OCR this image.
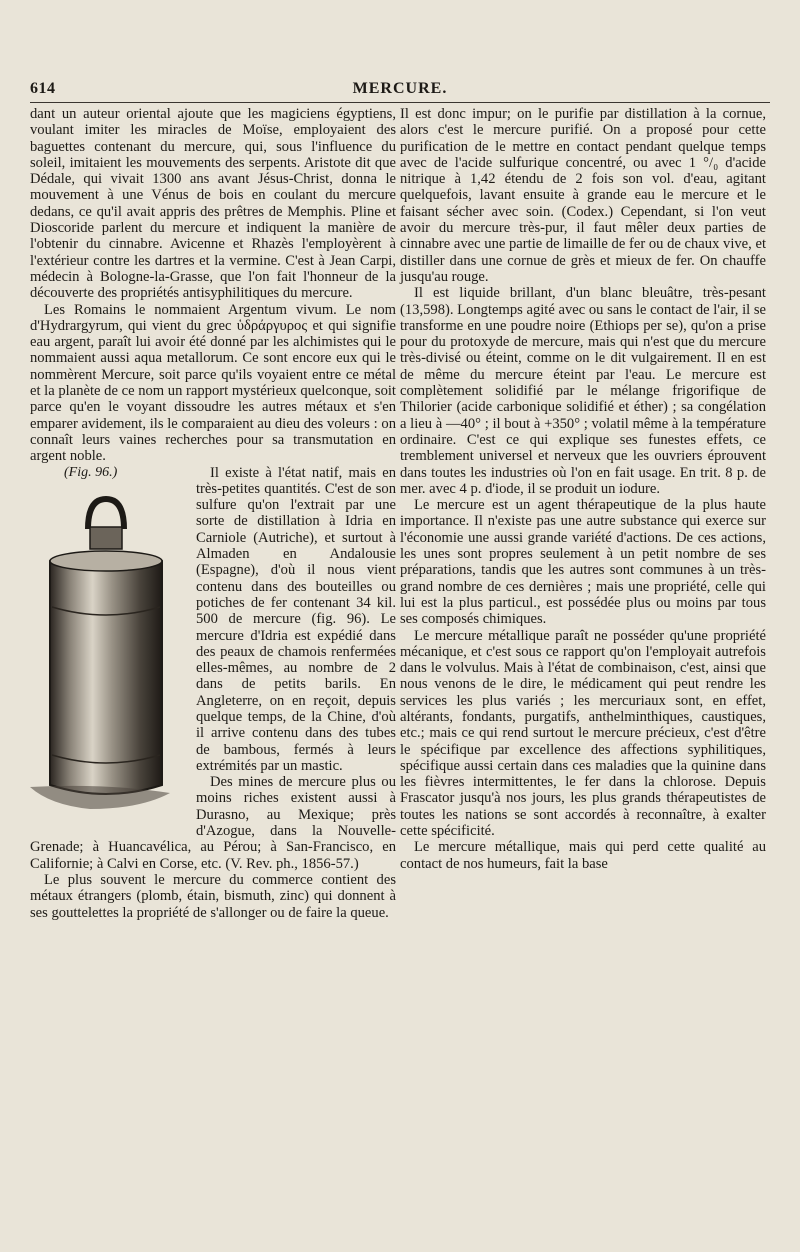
614	MERCURE.

dant un auteur oriental ajoute que les magiciens égyptiens, voulant imiter les miracles de Moïse, employaient des baguettes contenant du mercure, qui, sous l'influence du soleil, imitaient les mouvements des serpents. Aristote dit que Dédale, qui vivait 1300 ans avant Jésus-Christ, donna le mouvement à une Vénus de bois en coulant du mercure dedans, ce qu'il avait appris des prêtres de Memphis. Pline et Dioscoride parlent du mercure et indiquent la manière de l'obtenir du cinnabre. Avicenne et Rhazès l'employèrent à l'extérieur contre les dartres et la vermine. C'est à Jean Carpi, médecin à Bologne-la-Grasse, que l'on fait l'honneur de la découverte des propriétés antisyphilitiques du mercure.

Les Romains le nommaient Argentum vivum. Le nom d'Hydrargyrum, qui vient du grec ὑδράργυρος et qui signifie eau argent, paraît lui avoir été donné par les alchimistes qui le nommaient aussi aqua metallorum. Ce sont encore eux qui le nommèrent Mercure, soit parce qu'ils voyaient entre ce métal et la planète de ce nom un rapport mystérieux quelconque, soit parce qu'en le voyant dissoudre les autres métaux et s'en emparer avidement, ils le comparaient au dieu des voleurs : on connaît leurs vaines recherches pour sa transmutation en argent noble.

(Fig. 96.)	Il existe à l'état natif, mais en très-petites quantités. C'est de son sulfure qu'on l'extrait par une sorte de distillation à Idria en Carniole (Autriche), et surtout à Almaden en Andalousie (Espagne), d'où il nous vient contenu dans des bouteilles ou potiches de fer contenant 34 kil. 500 de mercure (fig. 96). Le mercure d'Idria est expédié dans des peaux de chamois renfermées elles-mêmes, au nombre de 2 dans de petits barils. En Angleterre, on en reçoit, depuis quelque temps, de la Chine, d'où il arrive contenu dans des tubes de bambous, fermés à leurs extrémités par un mastic.

Des mines de mercure plus ou moins riches existent aussi à Durasno, au Mexique; près d'Azogue, dans la Nouvelle-Grenade; à Huancavélica, au Pérou; à San-Francisco, en Californie; à Calvi en Corse, etc. (V. Rev. ph., 1856-57.)

Le plus souvent le mercure du commerce contient des métaux étrangers (plomb, étain, bismuth, zinc) qui donnent à ses gouttelettes la propriété de s'allonger ou de faire la queue.

Il est donc impur; on le purifie par distillation à la cornue, alors c'est le mercure purifié. On a proposé pour cette purification de le mettre en contact pendant quelque temps avec de l'acide sulfurique concentré, ou avec 1 °/₀ d'acide nitrique à 1,42 étendu de 2 fois son vol. d'eau, agitant quelquefois, lavant ensuite à grande eau le mercure et le faisant sécher avec soin. (Codex.) Cependant, si l'on veut avoir du mercure très-pur, il faut mêler deux parties de cinnabre avec une partie de limaille de fer ou de chaux vive, et distiller dans une cornue de grès et mieux de fer. On chauffe jusqu'au rouge.

Il est liquide brillant, d'un blanc bleuâtre, très-pesant (13,598). Longtemps agité avec ou sans le contact de l'air, il se transforme en une poudre noire (Ethiops per se), qu'on a prise pour du protoxyde de mercure, mais qui n'est que du mercure très-divisé ou éteint, comme on le dit vulgairement. Il en est de même du mercure éteint par l'eau. Le mercure est complètement solidifié par le mélange frigorifique de Thilorier (acide carbonique solidifié et éther) ; sa congélation a lieu à —40° ; il bout à +350° ; volatil même à la température ordinaire. C'est ce qui explique ses funestes effets, ce tremblement universel et nerveux que les ouvriers éprouvent dans toutes les industries où l'on en fait usage. En trit. 8 p. de mer. avec 4 p. d'iode, il se produit un iodure.

Le mercure est un agent thérapeutique de la plus haute importance. Il n'existe pas une autre substance qui exerce sur l'économie une aussi grande variété d'actions. De ces actions, les unes sont propres seulement à un petit nombre de ses préparations, tandis que les autres sont communes à un très-grand nombre de ces dernières ; mais une propriété, celle qui lui est la plus particul., est possédée plus ou moins par tous ses composés chimiques.

Le mercure métallique paraît ne posséder qu'une propriété mécanique, et c'est sous ce rapport qu'on l'employait autrefois dans le volvulus. Mais à l'état de combinaison, c'est, ainsi que nous venons de le dire, le médicament qui peut rendre les services les plus variés ; les mercuriaux sont, en effet, altérants, fondants, purgatifs, anthelminthiques, caustiques, etc.; mais ce qui rend surtout le mercure précieux, c'est d'être le spécifique par excellence des affections syphilitiques, spécifique aussi certain dans ces maladies que la quinine dans les fièvres intermittentes, le fer dans la chlorose. Depuis Frascator jusqu'à nos jours, les plus grands thérapeutistes de toutes les nations se sont accordés à reconnaître, à exalter cette spécificité.

Le mercure métallique, mais qui perd cette qualité au contact de nos humeurs, fait la base
